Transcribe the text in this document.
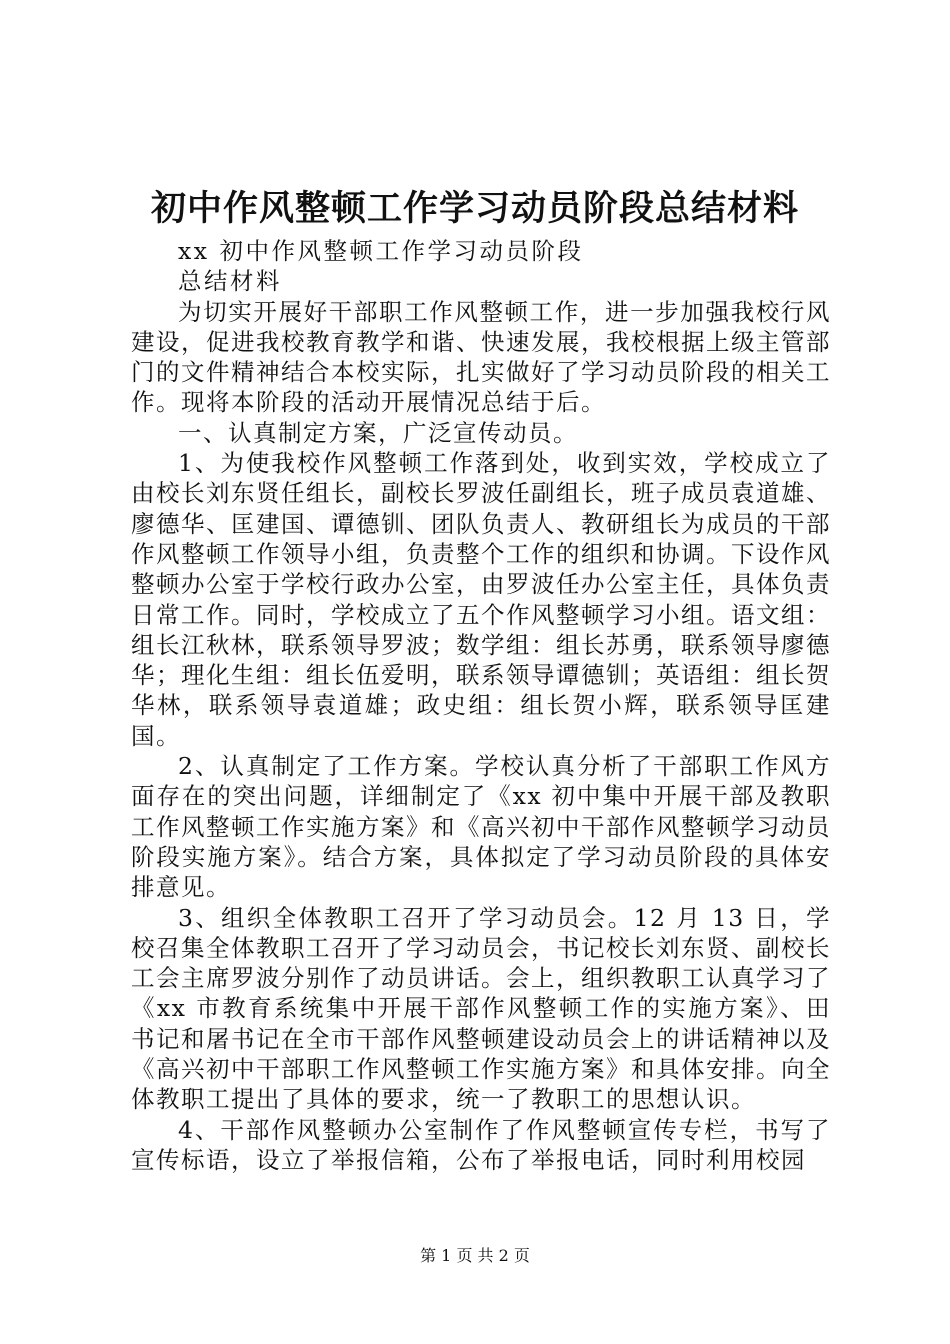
初中作风整顿工作学习动员阶段总结材料

xx 初中作风整顿工作学习动员阶段

总结材料

为切实开展好干部职工作风整顿工作，进一步加强我校行风建设，促进我校教育教学和谐、快速发展，我校根据上级主管部门的文件精神结合本校实际，扎实做好了学习动员阶段的相关工作。现将本阶段的活动开展情况总结于后。

一、认真制定方案，广泛宣传动员。

1、为使我校作风整顿工作落到处，收到实效，学校成立了由校长刘东贤任组长，副校长罗波任副组长，班子成员袁道雄、廖德华、匡建国、谭德钏、团队负责人、教研组长为成员的干部作风整顿工作领导小组，负责整个工作的组织和协调。下设作风整顿办公室于学校行政办公室，由罗波任办公室主任，具体负责日常工作。同时，学校成立了五个作风整顿学习小组。语文组：组长江秋林，联系领导罗波；数学组：组长苏勇，联系领导廖德华；理化生组：组长伍爱明，联系领导谭德钏；英语组：组长贺华林，联系领导袁道雄；政史组：组长贺小辉，联系领导匡建国。

2、认真制定了工作方案。学校认真分析了干部职工作风方面存在的突出问题，详细制定了《xx 初中集中开展干部及教职工作风整顿工作实施方案》和《高兴初中干部作风整顿学习动员阶段实施方案》。结合方案，具体拟定了学习动员阶段的具体安排意见。

3、组织全体教职工召开了学习动员会。12 月 13 日，学校召集全体教职工召开了学习动员会，书记校长刘东贤、副校长工会主席罗波分别作了动员讲话。会上，组织教职工认真学习了《xx 市教育系统集中开展干部作风整顿工作的实施方案》、田书记和屠书记在全市干部作风整顿建设动员会上的讲话精神以及《高兴初中干部职工作风整顿工作实施方案》和具体安排。向全体教职工提出了具体的要求，统一了教职工的思想认识。

4、干部作风整顿办公室制作了作风整顿宣传专栏，书写了宣传标语，设立了举报信箱，公布了举报电话，同时利用校园

第 1 页 共 2 页
